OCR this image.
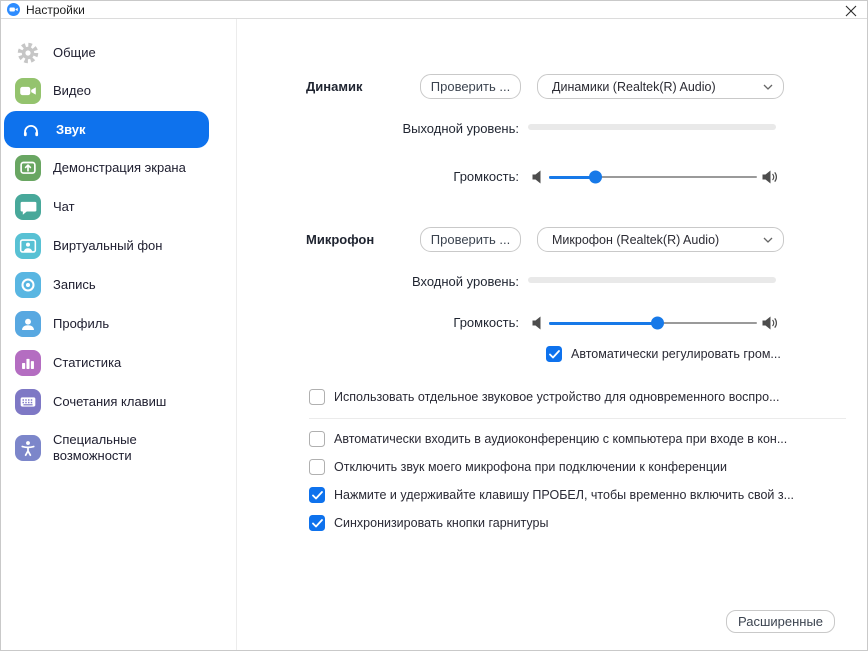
Настройки
Общие
Видео
Звук
Демонстрация экрана
Чат
Виртуальный фон
Запись
Профиль
Статистика
Сочетания клавиш
Специальные возможности
Динамик	Проверить ...	Динамики (Realtek(R) Audio)
Выходной уровень:
Громкость:
Микрофон	Проверить ...	Микрофон (Realtek(R) Audio)
Входной уровень:
Громкость:
Автоматически регулировать гром...
Использовать отдельное звуковое устройство для одновременного воспро...
Автоматически входить в аудиоконференцию с компьютера при входе в кон...
Отключить звук моего микрофона при подключении к конференции
Нажмите и удерживайте клавишу ПРОБЕЛ, чтобы временно включить свой з...
Синхронизировать кнопки гарнитуры
Расширенные
